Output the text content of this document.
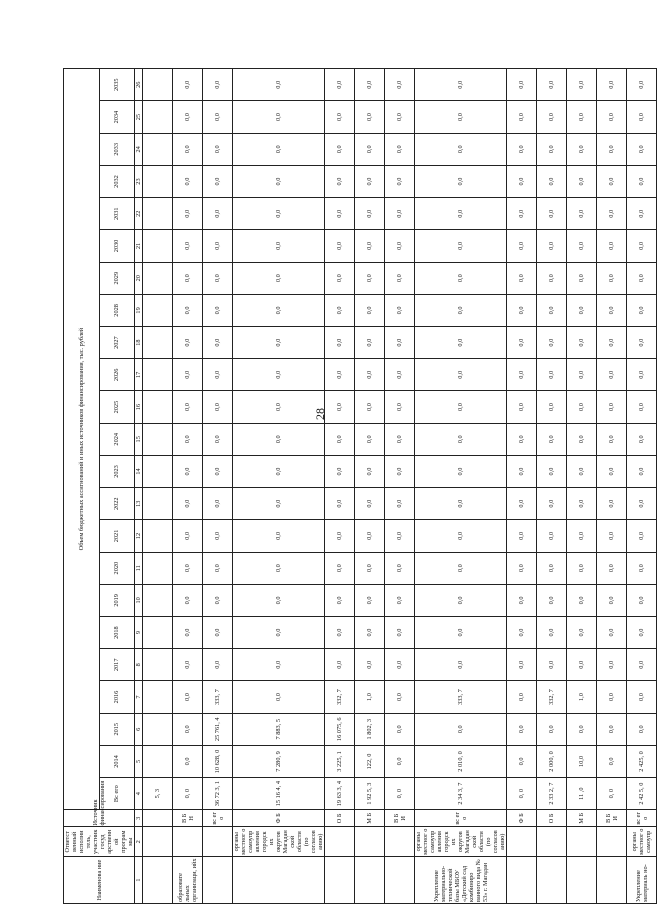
28
Наименова ние	Ответст венный исполни тель, участник госуд арственн ой програм мы	Источник финансирования	Объем бюджетных ассигнований и иных источников финансирования, тыс. рублей																						
			Вс его	2014	2015	2016	2017	2018	2019	2020	2021	2022	2023	2024	2025	2026	2027	2028	2029	2030	2031	2032	2033	2034	2035
1	2	3	4	5	6	7	8	9	10	11	12	13	14	15	16	17	18	19	20	21	22	23	24	25	26
			5, 3																						
образовате льных организаци, ийх		В Б Н	0, 0	0,0	0,0	0,0	0,0	0,0	0,0	0,0	0,0	0,0	0,0	0,0	0,0	0,0	0,0	0,0	0,0	0,0	0,0	0,0	0,0	0,0	0,0
		вс ег о	36 72 3, 1	10 628, 0	25 761, 4	333, 7	0,0	0,0	0,0	0,0	0,0	0,0	0,0	0,0	0,0	0,0	0,0	0,0	0,0	0,0	0,0	0,0	0,0	0,0	0,0
	органы местног о самоупр авления городск их округов Магадан ской области (по согласов анию)	Ф Б	15 16 4, 4	7 280, 9	7 883, 5	0,0	0,0	0,0	0,0	0,0	0,0	0,0	0,0	0,0	0,0	0,0	0,0	0,0	0,0	0,0	0,0	0,0	0,0	0,0	0,0
		О Б	19 63 3, 4	3 225, 1	16 075, 6	332, 7	0,0	0,0	0,0	0,0	0,0	0,0	0,0	0,0	0,0	0,0	0,0	0,0	0,0	0,0	0,0	0,0	0,0	0,0	0,0
		М Б	1 92 5, 3	122, 0	1 802, 3	1,0	0,0	0,0	0,0	0,0	0,0	0,0	0,0	0,0	0,0	0,0	0,0	0,0	0,0	0,0	0,0	0,0	0,0	0,0	0,0
		В Б И	0, 0	0,0	0,0	0,0	0,0	0,0	0,0	0,0	0,0	0,0	0,0	0,0	0,0	0,0	0,0	0,0	0,0	0,0	0,0	0,0	0,0	0,0	0,0
Укрепление материально- технической базы МБОУ «Детский сад комбиниро ванного вида № 53» г. Магадан	органы местног о самоупр авления городск их округов Магадан ской области (по согласов анию)	вс ег о	2 34 3, 7	2 010, 0	0,0	333, 7	0,0	0,0	0,0	0,0	0,0	0,0	0,0	0,0	0,0	0,0	0,0	0,0	0,0	0,0	0,0	0,0	0,0	0,0	0,0
		Ф Б	0, 0	0,0	0,0	0,0	0,0	0,0	0,0	0,0	0,0	0,0	0,0	0,0	0,0	0,0	0,0	0,0	0,0	0,0	0,0	0,0	0,0	0,0	0,0
		О Б	2 33 2, 7	2 000, 0	0,0	332, 7	0,0	0,0	0,0	0,0	0,0	0,0	0,0	0,0	0,0	0,0	0,0	0,0	0,0	0,0	0,0	0,0	0,0	0,0	0,0
		М Б	11 ,0	10,0	0,0	1,0	0,0	0,0	0,0	0,0	0,0	0,0	0,0	0,0	0,0	0,0	0,0	0,0	0,0	0,0	0,0	0,0	0,0	0,0	0,0
		В Б И	0, 0	0,0	0,0	0,0	0,0	0,0	0,0	0,0	0,0	0,0	0,0	0,0	0,0	0,0	0,0	0,0	0,0	0,0	0,0	0,0	0,0	0,0	0,0
Укрепление материаль но-	органы местног о самоупр	вс ег о	2 42 5, 0	2 425, 0	0,0	0,0	0,0	0,0	0,0	0,0	0,0	0,0	0,0	0,0	0,0	0,0	0,0	0,0	0,0	0,0	0,0	0,0	0,0	0,0	0,0
